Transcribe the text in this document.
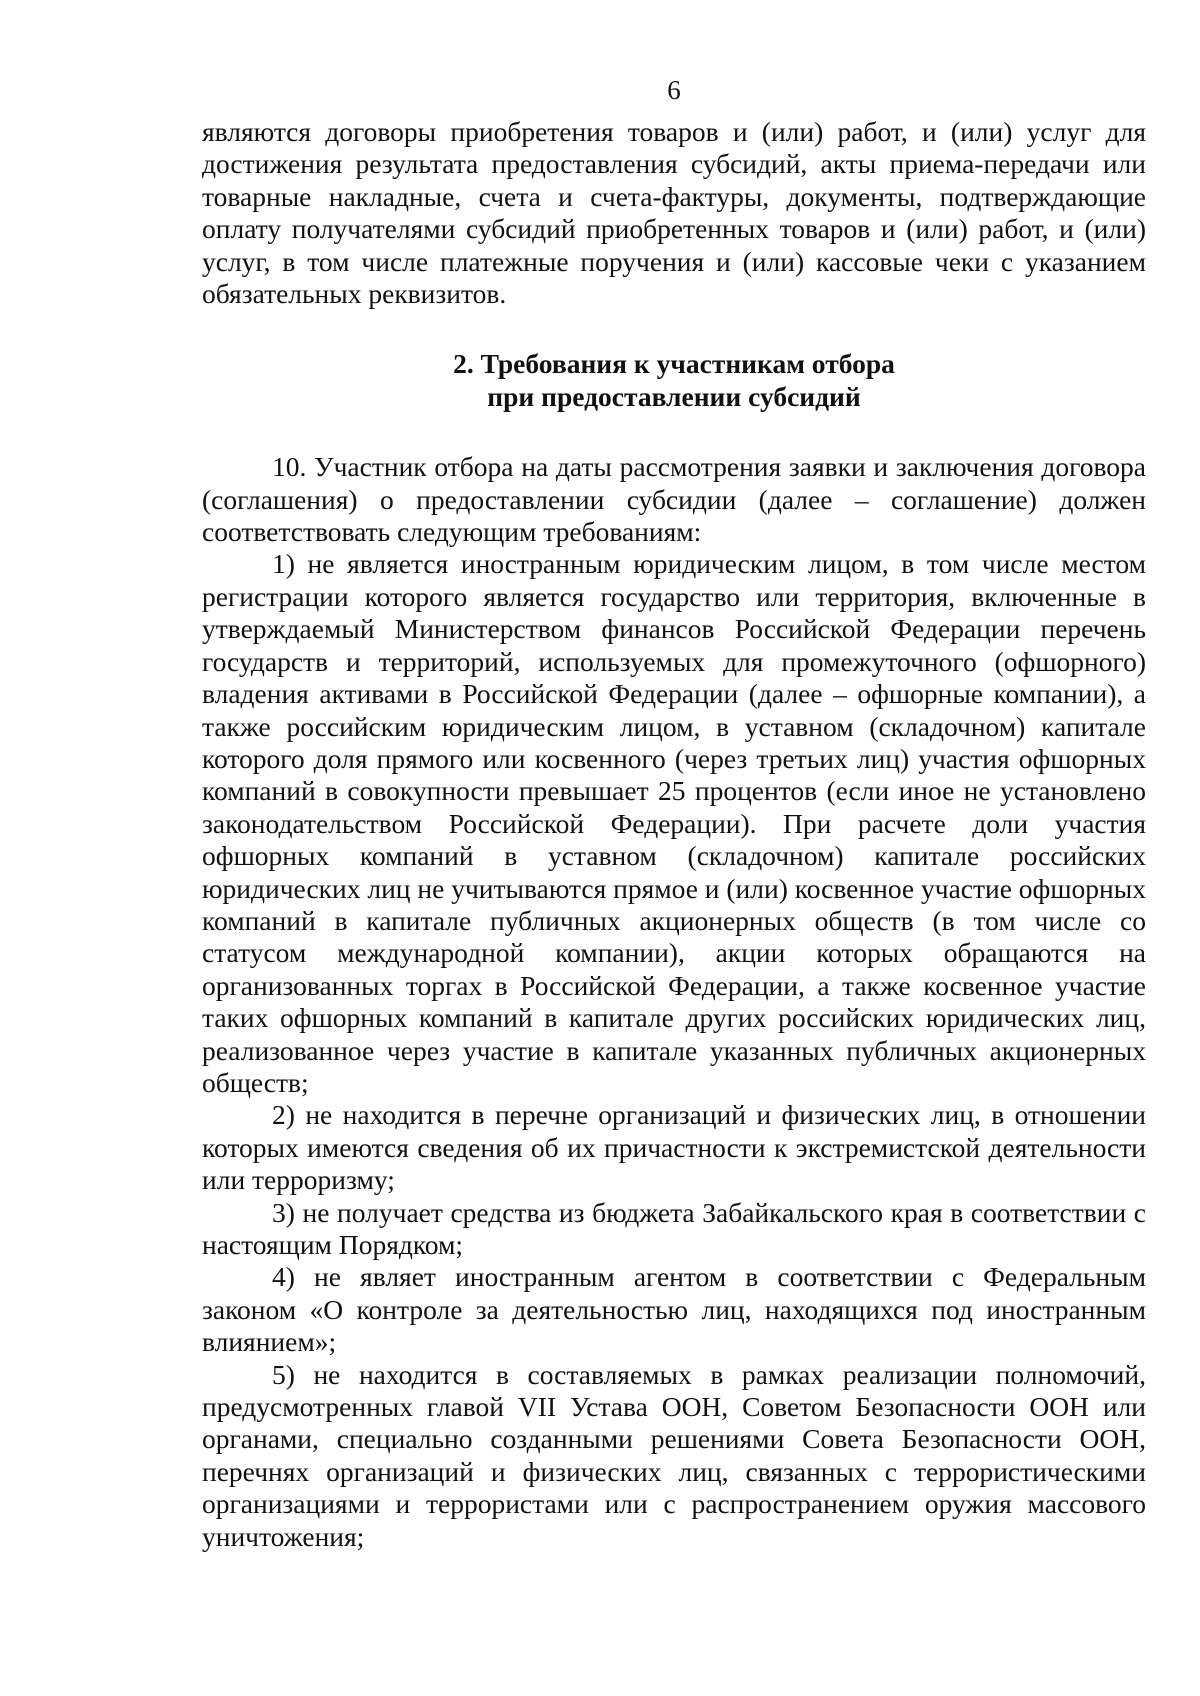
6

являются договоры приобретения товаров и (или) работ, и (или) услуг для достижения результата предоставления субсидий, акты приема-передачи или товарные накладные, счета и счета-фактуры, документы, подтверждающие оплату получателями субсидий приобретенных товаров и (или) работ, и (или) услуг, в том числе платежные поручения и (или) кассовые чеки с указанием обязательных реквизитов.

2. Требования к участникам отбора
при предоставлении субсидий

10. Участник отбора на даты рассмотрения заявки и заключения договора (соглашения) о предоставлении субсидии (далее – соглашение) должен соответствовать следующим требованиям:

1) не является иностранным юридическим лицом, в том числе местом регистрации которого является государство или территория, включенные в утверждаемый Министерством финансов Российской Федерации перечень государств и территорий, используемых для промежуточного (офшорного) владения активами в Российской Федерации (далее – офшорные компании), а также российским юридическим лицом, в уставном (складочном) капитале которого доля прямого или косвенного (через третьих лиц) участия офшорных компаний в совокупности превышает 25 процентов (если иное не установлено законодательством Российской Федерации). При расчете доли участия офшорных компаний в уставном (складочном) капитале российских юридических лиц не учитываются прямое и (или) косвенное участие офшорных компаний в капитале публичных акционерных обществ (в том числе со статусом международной компании), акции которых обращаются на организованных торгах в Российской Федерации, а также косвенное участие таких офшорных компаний в капитале других российских юридических лиц, реализованное через участие в капитале указанных публичных акционерных обществ;

2) не находится в перечне организаций и физических лиц, в отношении которых имеются сведения об их причастности к экстремистской деятельности или терроризму;

3) не получает средства из бюджета Забайкальского края в соответствии с настоящим Порядком;

4) не являет иностранным агентом в соответствии с Федеральным законом «О контроле за деятельностью лиц, находящихся под иностранным влиянием»;

5) не находится в составляемых в рамках реализации полномочий, предусмотренных главой VII Устава ООН, Советом Безопасности ООН или органами, специально созданными решениями Совета Безопасности ООН, перечнях организаций и физических лиц, связанных с террористическими организациями и террористами или с распространением оружия массового уничтожения;
